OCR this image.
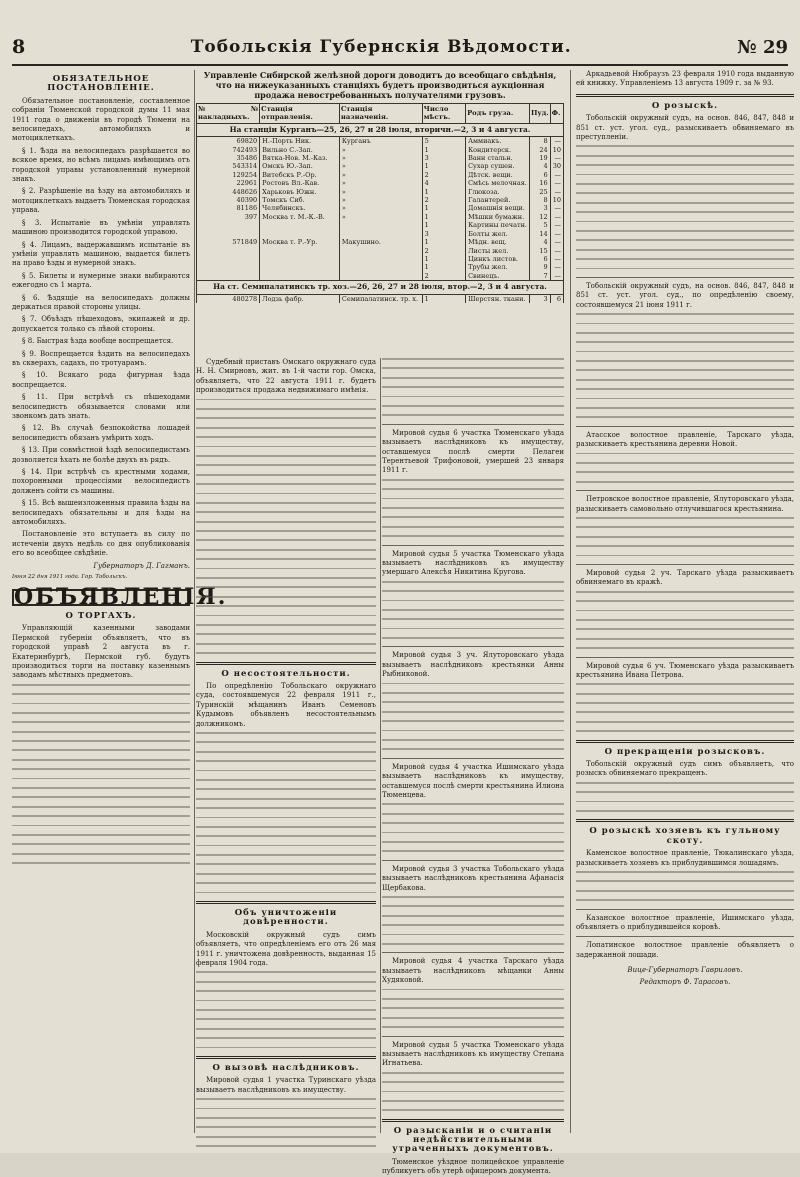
8	Тобольскія Губернскія Вѣдомости.	№ 29
ОБЯЗАТЕЛЬНОЕ ПОСТАНОВЛЕНІЕ.

Обязательное постановленіе, составленное собраніи Тюменской городской думы 11 мая 1911 года о движеніи въ городѣ Тюмени на велосипедахъ, автомобиляхъ и мотоциклеткахъ.

§ 1. Ѣзда на велосипедахъ разрѣшается во всякое время, но всѣмъ лицамъ имѣющимъ отъ городской управы установленный нумерной знакъ.

§ 2. Разрѣшеніе на ѣзду на автомобиляхъ и мотоциклеткахъ выдаетъ Тюменская городская управа.

§ 3. Испытаніе въ умѣніи управлять машиною производится городской управою.

§ 4. Лицамъ, выдержавшимъ испытаніе въ умѣніи управлять машиною, выдается билетъ на право ѣзды и нумерной знакъ.

§ 5. Билеты и нумерные знаки выбираются ежегодно съ 1 марта.

§ 6. Ѣздящіе на велосипедахъ должны держаться правой стороны улицы.

§ 7. Объѣздъ пѣшеходовъ, экипажей и др. допускается только съ лѣвой стороны.

§ 8. Быстрая ѣзда вообще воспрещается.

§ 9. Воспрещается ѣздить на велосипедахъ въ скверахъ, садахъ, по тротуарамъ.

§ 10. Всякаго рода фигурная ѣзда воспрещается.

§ 11. При встрѣчѣ съ пѣшеходами велосипедистъ обязывается словами или звонкомъ дать знать.

§ 12. Въ случаѣ безпокойства лошадей велосипедистъ обязанъ умѣрить ходъ.

§ 13. При совмѣстной ѣздѣ велосипедистамъ дозволяется ѣхать не болѣе двухъ въ рядъ.

§ 14. При встрѣчѣ съ крестными ходами, похоронными процессіями велосипедистъ долженъ сойти съ машины.

§ 15. Всѣ вышеизложенныя правила ѣзды на велосипедахъ обязательны и для ѣзды на автомобиляхъ.

Постановленіе это вступаетъ въ силу по истеченіи двухъ недѣль со дня опубликованія его во всеобщее свѣдѣніе.

Губернаторъ Д. Гагманъ.
Іюня 22 дня 1911 года. Гор. Тобольскъ.
ОБЪЯВЛЕНІЯ.
О ТОРГАХЪ.

Управляющій казенными заводами Пермской губерніи объявляетъ, что въ городской управѣ 2 августа въ г. Екатеринбургѣ, Пермской губ. будутъ производиться торги на поставку казеннымъ заводамъ мѣстныхъ предметовъ.

Управленіе Сибирской желѣзной дороги доводитъ до всеобщаго свѣдѣнія, что на нижеуказанныхъ станціяхъ будетъ производиться аукціонная продажа невостребованныхъ получателями грузовъ.
№№ накладныхъ.	Станція отправленія.	Станція назначенія.	Число мѣстъ.	Родъ груза.	Пуд.	Ф.
На станціи Курганъ—25, 26, 27 и 28 іюля, вторичн.—2, 3 и 4 августа.						
69820	Н.-Порть Ник.	Курганъ	5	Аммиакъ.	8	—
742493	Вильно С.-Зап.	»	1	Кондитерск.	24	10
35486	Вятка-Нов. М.-Каз.	»	3	Ванн стальн.	19	—
543314	Омскъ Ю.-Зап.	»	1	Сухар сушен.	4	30
129254	Витебскъ Р.-Ор.	»	2	Дѣтск. вещи.	6	—
22961	Ростовъ Вл.-Кав.	»	4	Смѣсь мелочная.	16	—
448626	Харьковъ Южн.	»	1	Глюкоза.	25	—
40390	Томскъ Сиб.	»	2	Галантерей.	8	10
81186	Челябинскъ.	»	1	Домашнія вещи.	3	—
397	Москва т. М.-К.-В.	»	1	Мѣшки бумажн.	12	—
			1	Картины печатн.	5	—
			3	Болты жел.	14	—
571849	Москва т. Р.-Ур.	Макушино.	1	Мѣдн. вещ.	4	—
			2	Листы жел.	15	—
			1	Цинкъ листов.	6	—
			1	Трубы жел.	9	—
			2	Свинецъ.	7	—
На ст. Семипалатинскъ тр. хоз.—26, 26, 27 и 28 іюля, втор.—2, 3 и 4 августа.						
480278	Лодзь фабр.	Семипалатинск. тр. х.	1	Шерстян. ткани.	3	6

Судебный приставъ Омскаго окружнаго суда Н. Н. Смирновъ, жит. въ 1-й части гор. Омска, объявляетъ, что 22 августа 1911 г. будетъ производиться продажа недвижимаго имѣнія.

О несостоятельности.

По опредѣленію Тобольскаго окружнаго суда, состоявшемуся 22 февраля 1911 г., Туринскій мѣщанинъ Иванъ Семеновъ Кудымовъ объявленъ несостоятельнымъ должникомъ.

Объ уничтоженіи довѣренности.

Московскій окружный судъ симъ объявляетъ, что опредѣленіемъ его отъ 26 мая 1911 г. уничтожена довѣренность, выданная 15 февраля 1904 года.

О вызовѣ наслѣдниковъ.

Мировой судья 1 участка Туринскаго уѣзда вызываетъ наслѣдниковъ къ имуществу.

Мировой судья 6 участка Тюменскаго уѣзда вызываетъ наслѣдниковъ къ имуществу, оставшемуся послѣ смерти Пелагеи Терентьевой Трифоновой, умершей 23 января 1911 г.

Мировой судья 5 участка Тюменскаго уѣзда вызываетъ наслѣдниковъ къ имуществу умершаго Алексѣя Никитина Кругова.

Мировой судья 3 уч. Ялуторовскаго уѣзда вызываетъ наслѣдниковъ крестьянки Анны Рыбниковой.

Мировой судья 4 участка Ишимскаго уѣзда вызываетъ наслѣдниковъ къ имуществу, оставшемуся послѣ смерти крестьянина Илиона Тюменцева.

Мировой судья 3 участка Тобольскаго уѣзда вызываетъ наслѣдниковъ крестьянина Афанасія Щербакова.

Мировой судья 4 участка Тарскаго уѣзда вызываетъ наслѣдниковъ мѣщанки Анны Худяковой.

Мировой судья 5 участка Тюменскаго уѣзда вызываетъ наслѣдниковъ къ имуществу Степана Игнатьева.

О разысканіи и о считаніи недѣйствительными утраченныхъ документовъ.

Тюменское уѣздное полицейское управленіе публикуетъ объ утерѣ офицеромъ документа.

Аркадьевой Нюбраузъ 23 февраля 1910 года выданную ей книжку. Управленіемъ 13 августа 1909 г. за № 93.

О розыскѣ.

Тобольскій окружный судъ, на основ. 846, 847, 848 и 851 ст. уст. угол. суд., разыскиваетъ обвиняемаго въ преступленіи.

Тобольскій окружный судъ, на основ. 846, 847, 848 и 851 ст. уст. угол. суд., по опредѣленію своему, состоявшемуся 21 іюня 1911 г.

Атасское волостное правленіе, Тарскаго уѣзда, разыскиваетъ крестьянина деревни Новой.

Петровское волостное правленіе, Ялуторовскаго уѣзда, разыскиваетъ самовольно отлучившагося крестьянина.

Мировой судья 2 уч. Тарскаго уѣзда разыскиваетъ обвиняемаго въ кражѣ.

Мировой судья 6 уч. Тюменскаго уѣзда разыскиваетъ крестьянина Ивана Петрова.

О прекращеніи розысковъ.

Тобольскій окружный судъ симъ объявляетъ, что розыскъ обвиняемаго прекращенъ.

О розыскѣ хозяевъ къ гульному скоту.

Каменское волостное правленіе, Тюкалинскаго уѣзда, разыскиваетъ хозяевъ къ приблудившимся лошадямъ.

Казанское волостное правленіе, Ишимскаго уѣзда, объявляетъ о приблудившейся коровѣ.

Лопатинское волостное правленіе объявляетъ о задержанной лошади.

Вице-Губернаторъ Гавриловъ.
Редакторъ Ф. Тарасовъ.
